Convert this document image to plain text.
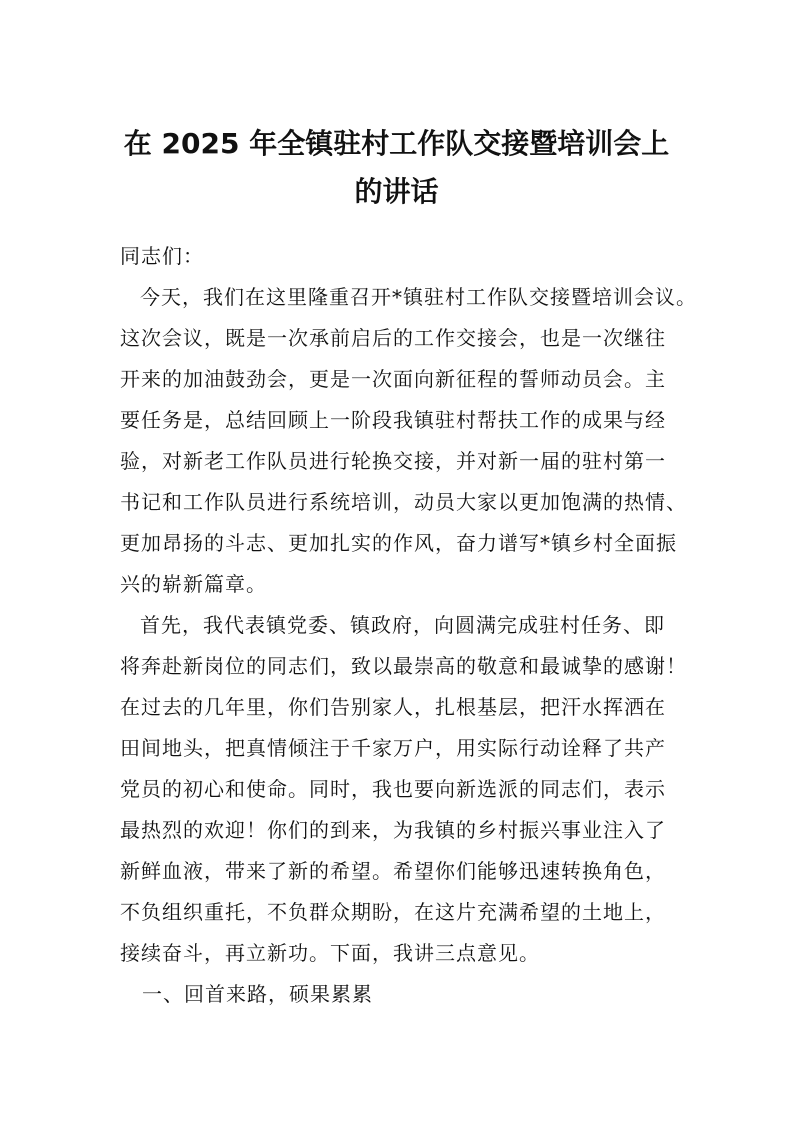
在 2025 年全镇驻村工作队交接暨培训会上
的讲话
同志们：
今天，我们在这里隆重召开*镇驻村工作队交接暨培训会议。
这次会议，既是一次承前启后的工作交接会，也是一次继往
开来的加油鼓劲会，更是一次面向新征程的誓师动员会。主
要任务是，总结回顾上一阶段我镇驻村帮扶工作的成果与经
验，对新老工作队员进行轮换交接，并对新一届的驻村第一
书记和工作队员进行系统培训，动员大家以更加饱满的热情、
更加昂扬的斗志、更加扎实的作风，奋力谱写*镇乡村全面振
兴的崭新篇章。
首先，我代表镇党委、镇政府，向圆满完成驻村任务、即
将奔赴新岗位的同志们，致以最崇高的敬意和最诚挚的感谢！
在过去的几年里，你们告别家人，扎根基层，把汗水挥洒在
田间地头，把真情倾注于千家万户，用实际行动诠释了共产
党员的初心和使命。同时，我也要向新选派的同志们，表示
最热烈的欢迎！你们的到来，为我镇的乡村振兴事业注入了
新鲜血液，带来了新的希望。希望你们能够迅速转换角色，
不负组织重托，不负群众期盼，在这片充满希望的土地上，
接续奋斗，再立新功。下面，我讲三点意见。
一、回首来路，硕果累累
